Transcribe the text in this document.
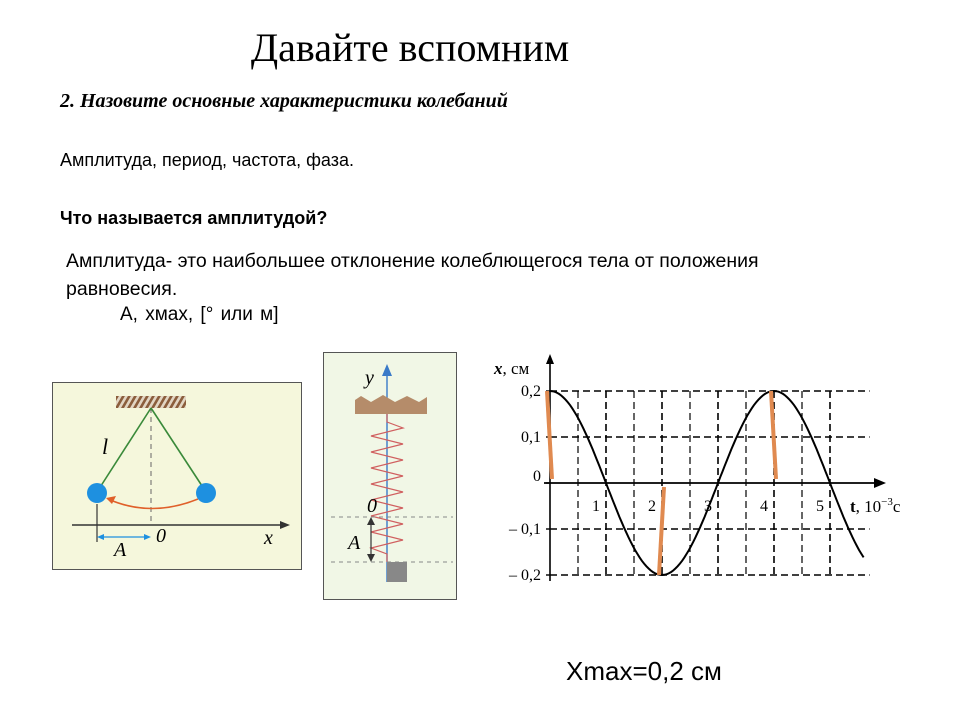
Давайте вспомним
2. Назовите основные характеристики колебаний
Амплитуда, период, частота, фаза.
Что называется амплитудой?
Амплитуда- это наибольшее отклонение колеблющегося тела от положения равновесия.
A, xмах, [° или м]
l
A
0	x
y
0
A
0,2
0,1
0
– 0,1
– 0,2
1	2	3	4	5
x, см
t, $10^{-3}с$
Xmax=0,2 см
